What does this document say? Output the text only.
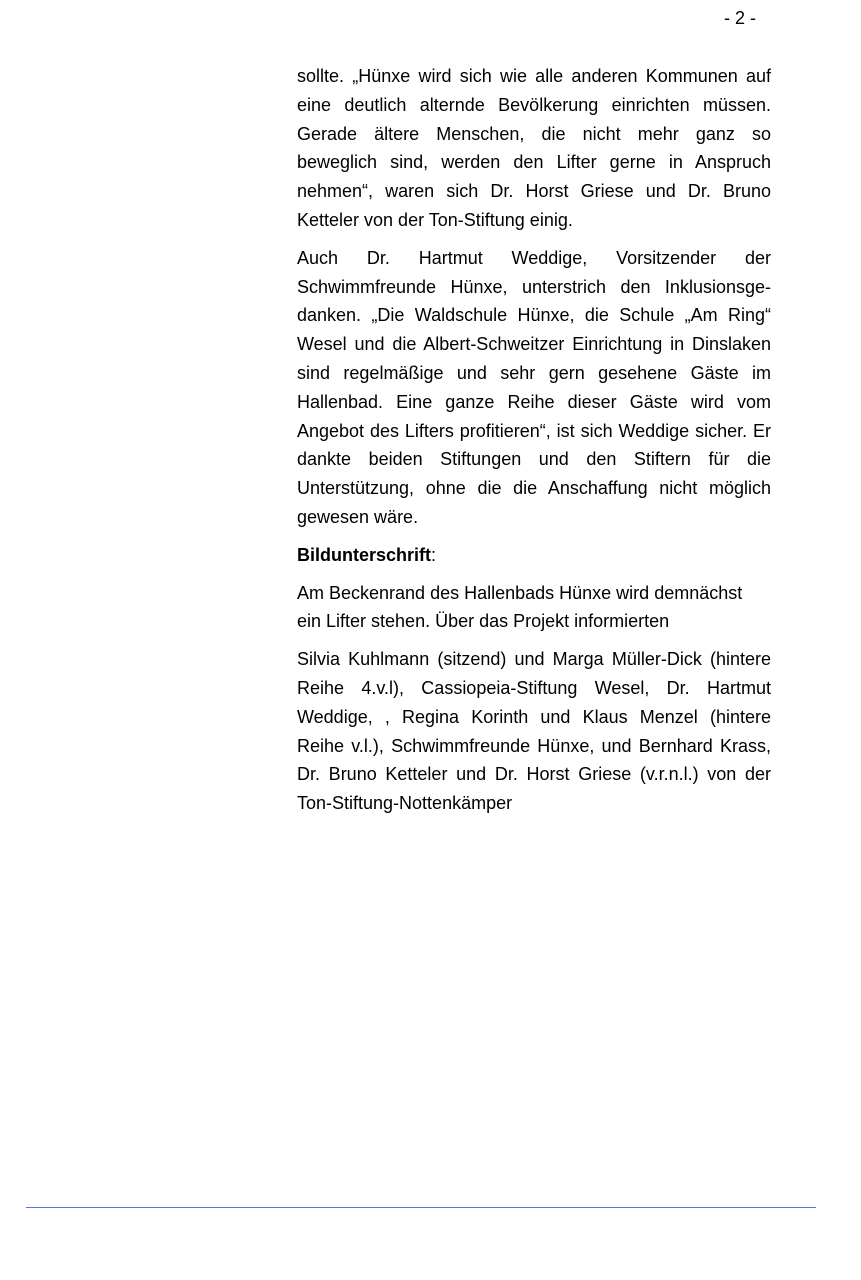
- 2 -

sollte. „Hünxe wird sich wie alle anderen Kommunen auf eine deutlich alternde Bevölkerung einrichten müssen. Gerade ältere Menschen, die nicht mehr ganz so beweglich sind, werden den Lifter gerne in Anspruch nehmen“, waren sich Dr. Horst Griese und Dr. Bruno Ketteler von der Ton-Stiftung einig.

Auch Dr. Hartmut Weddige, Vorsitzender der Schwimmfreunde Hünxe, unterstrich den Inklusionsgedanken. „Die Waldschule Hünxe, die Schule „Am Ring“ Wesel und die Albert-Schweitzer Einrichtung in Dinslaken sind regelmäßige und sehr gern gesehene Gäste im Hallenbad. Eine ganze Reihe dieser Gäste wird vom Angebot des Lifters profitieren“, ist sich Weddige sicher. Er dankte beiden Stiftungen und den Stiftern für die Unterstützung, ohne die die Anschaffung nicht möglich gewesen wäre.

Bildunterschrift:

Am Beckenrand des Hallenbads Hünxe wird demnächst ein Lifter stehen. Über das Projekt informierten

Silvia Kuhlmann (sitzend) und Marga Müller-Dick (hintere Reihe 4.v.l), Cassiopeia-Stiftung Wesel, Dr. Hartmut Weddige, , Regina Korinth und Klaus Menzel (hintere Reihe v.l.), Schwimmfreunde Hünxe, und Bernhard Krass, Dr. Bruno Ketteler und Dr. Horst Griese (v.r.n.l.) von der Ton-Stiftung-Nottenkämper
